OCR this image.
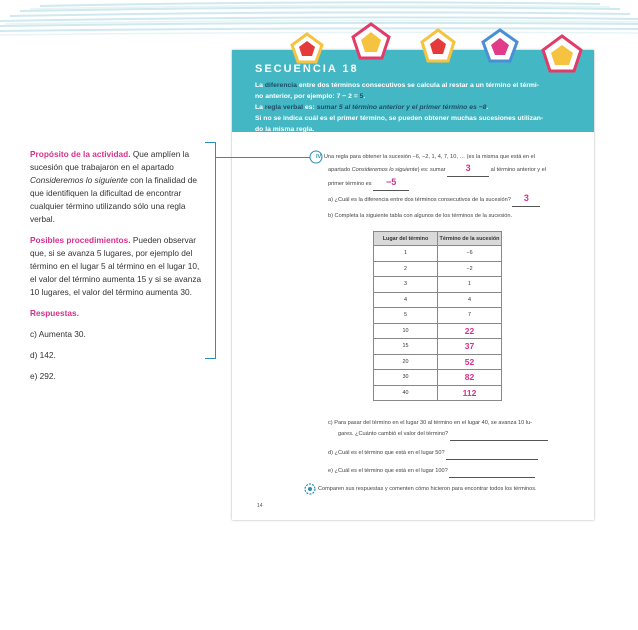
SECUENCIA 18
La diferencia entre dos términos consecutivos se calcula al restar a un término el térmi-
no anterior, por ejemplo: 7 − 2 = 5.
La regla verbal es: sumar 5 al término anterior y el primer término es −8.
Si no se indica cuál es el primer término, se pueden obtener muchas sucesiones utilizan-
do la misma regla.

Propósito de la actividad. Que amplíen la sucesión que trabajaron en el apartado Consideremos lo siguiente con la finalidad de que identifiquen la dificultad de encontrar cualquier término utilizando sólo una regla verbal.

Posibles procedimientos. Pueden observar que, si se avanza 5 lugares, por ejemplo del término en el lugar 5 al término en el lugar 10, el valor del término aumenta 15 y si se avanza 10 lugares, el valor del término aumenta 30.

Respuestas.

c) Aumenta 30.

d) 142.

e) 292.

IV. Una regla para obtener la sucesión −6, −2, 1, 4, 7, 10, … (es la misma que está en el
apartado Consideremos lo siguiente) es: sumar 3	al término anterior y el
primer término es −5
a) ¿Cuál es la diferencia entre dos términos consecutivos de la sucesión? 3
b) Completa la siguiente tabla con algunos de los términos de la sucesión.
Lugar del término	Término de la sucesión
1	−6
2	−2
3	1
4	4
5	7
10	22
15	37
20	52
30	82
40	112
c) Para pasar del término en el lugar 30 al término en el lugar 40, se avanza 10 lu-
gares. ¿Cuánto cambió el valor del término?
d) ¿Cuál es el término que está en el lugar 50?
e) ¿Cuál es el término que está en el lugar 100?
Comparen sus respuestas y comenten cómo hicieron para encontrar todos los términos.
14
